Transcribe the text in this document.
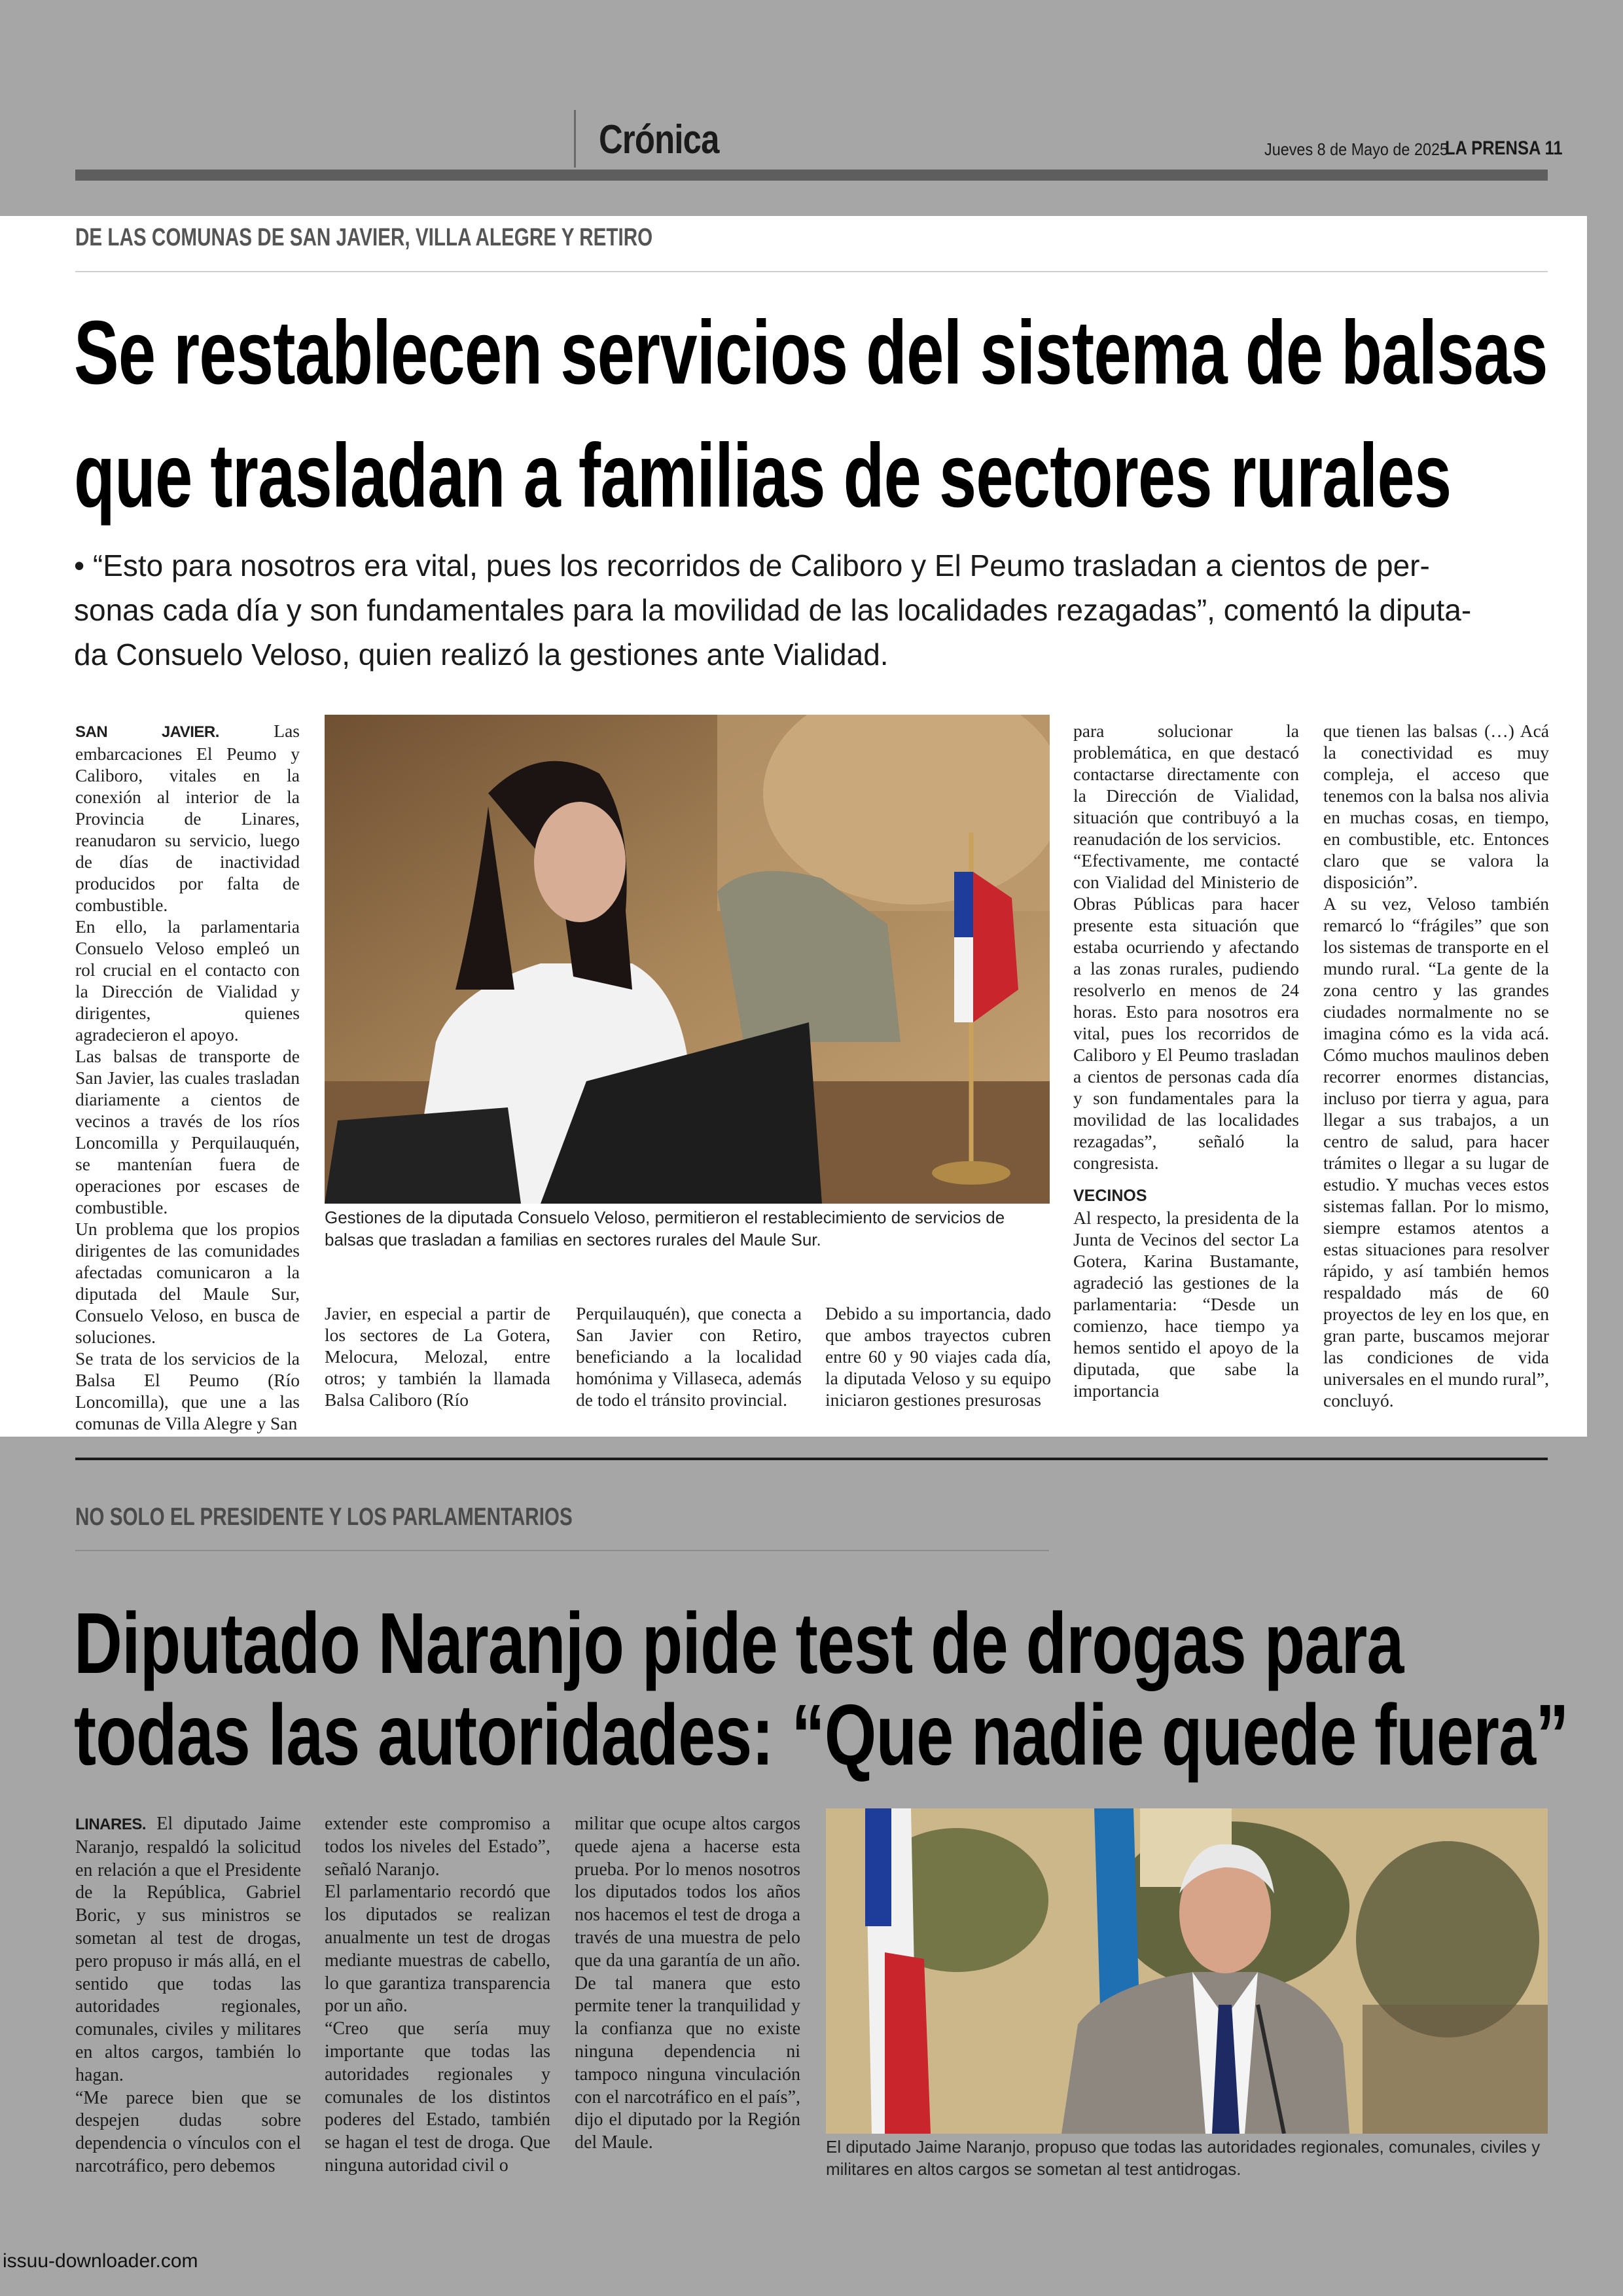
Crónica	Jueves 8 de Mayo de 2025
LA PRENSA 11
DE LAS COMUNAS DE SAN JAVIER, VILLA ALEGRE Y RETIRO
Se restablecen servicios del sistema de balsas
que trasladan a familias de sectores rurales
• “Esto para nosotros era vital, pues los recorridos de Caliboro y El Peumo trasladan a cientos de per-
sonas cada día y son fundamentales para la movilidad de las localidades rezagadas”, comentó la diputa-
da Consuelo Veloso, quien realizó la gestiones ante Vialidad.

SAN JAVIER.	Las embarcaciones El Peumo y Caliboro, vitales en la conexión al interior de la Provincia de Linares, reanudaron su servicio, luego de días de inactividad producidos por falta de combustible.

En ello, la parlamentaria Consuelo Veloso empleó un rol crucial en el contacto con la Dirección de Vialidad y dirigentes, quienes agradecieron el apoyo.

Las balsas de transporte de San Javier, las cuales trasladan diariamente a cientos de vecinos a través de los ríos Loncomilla y Perquilauquén, se mantenían fuera de operaciones por escases de combustible.

Un problema que los propios dirigentes de las comunidades afectadas comunicaron a la diputada del Maule Sur, Consuelo Veloso, en busca de soluciones.

Se trata de los servicios de la Balsa El Peumo (Río Loncomilla), que une a las comunas de Villa Alegre y San

Gestiones de la diputada Consuelo Veloso, permitieron el restablecimiento de servicios de balsas que trasladan a familias en sectores rurales del Maule Sur.

Javier, en especial a partir de los sectores de La Gotera, Melocura, Melozal, entre otros; y también la llamada Balsa Caliboro (Río

Perquilauquén), que conecta a San Javier con Retiro, beneficiando a la localidad homónima y Villaseca, además de todo el tránsito provincial.

Debido a su importancia, dado que ambos trayectos cubren entre 60 y 90 viajes cada día, la diputada Veloso y su equipo iniciaron gestiones presurosas

para solucionar la problemática, en que destacó contactarse directamente con la Dirección de Vialidad, situación que contribuyó a la reanudación de los servicios.

“Efectivamente, me contacté con Vialidad del Ministerio de Obras Públicas para hacer presente esta situación que estaba ocurriendo y afectando a las zonas rurales, pudiendo resolverlo en menos de 24 horas. Esto para nosotros era vital, pues los recorridos de Caliboro y El Peumo trasladan a cientos de personas cada día y son fundamentales para la movilidad de las localidades rezagadas”, señaló la congresista.

VECINOS

Al respecto, la presidenta de la Junta de Vecinos del sector La Gotera, Karina Bustamante, agradeció las gestiones de la parlamentaria: “Desde un comienzo, hace tiempo ya hemos sentido el apoyo de la diputada, que sabe la importancia

que tienen las balsas (…) Acá la conectividad es muy compleja, el acceso que tenemos con la balsa nos alivia en muchas cosas, en tiempo, en combustible, etc. Entonces claro que se valora la disposición”.

A su vez, Veloso también remarcó lo “frágiles” que son los sistemas de transporte en el mundo rural. “La gente de la zona centro y las grandes ciudades normalmente no se imagina cómo es la vida acá. Cómo muchos maulinos deben recorrer enormes distancias, incluso por tierra y agua, para llegar a sus trabajos, a un centro de salud, para hacer trámites o llegar a su lugar de estudio. Y muchas veces estos sistemas fallan. Por lo mismo, siempre estamos atentos a estas situaciones para resolver rápido, y así también hemos respaldado más de 60 proyectos de ley en los que, en gran parte, buscamos mejorar las condiciones de vida universales en el mundo rural”, concluyó.

NO SOLO EL PRESIDENTE Y LOS PARLAMENTARIOS
Diputado Naranjo pide test de drogas para
todas las autoridades: “Que nadie quede fuera”

LINARES. El diputado Jaime Naranjo, respaldó la solicitud en relación a que el Presidente de la República, Gabriel Boric, y sus ministros se sometan al test de drogas, pero propuso ir más allá, en el sentido que todas las autoridades regionales, comunales, civiles y militares en altos cargos, también lo hagan.

“Me parece bien que se despejen dudas sobre dependencia o vínculos con el narcotráfico, pero debemos

extender este compromiso a todos los niveles del Estado”, señaló Naranjo.

El parlamentario recordó que los diputados se realizan anualmente un test de drogas mediante muestras de cabello, lo que garantiza transparencia por un año.

“Creo que sería muy importante que todas las autoridades regionales y comunales de los distintos poderes del Estado, también se hagan el test de droga. Que ninguna autoridad civil o

militar que ocupe altos cargos quede ajena a hacerse esta prueba. Por lo menos nosotros los diputados todos los años nos hacemos el test de droga a través de una muestra de pelo que da una garantía de un año. De tal manera que esto permite tener la tranquilidad y la confianza que no existe ninguna dependencia ni tampoco ninguna vinculación con el narcotráfico en el país”, dijo el diputado por la Región del Maule.	El diputado Jaime Naranjo, propuso que todas las autoridades regionales, comunales, civiles y militares en altos cargos se sometan al test antidrogas.
issuu-downloader.com
